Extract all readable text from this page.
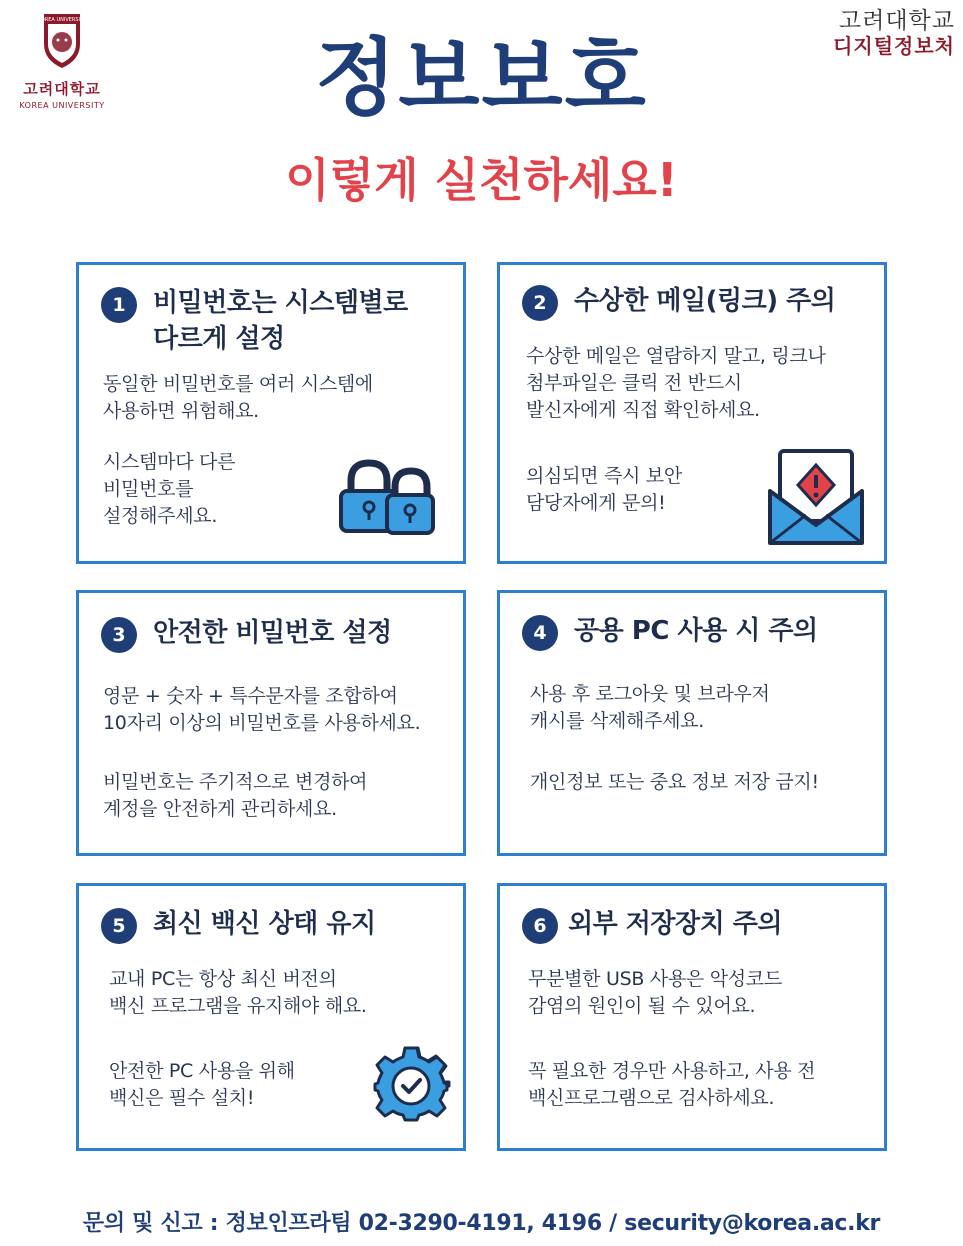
KOREA UNIVERSITY
고려대학교
KOREA UNIVERSITY
고려대학교
디지털정보처
정보보호
이렇게 실천하세요!
1	비밀번호는 시스템별로
다르게 설정
동일한 비밀번호를 여러 시스템에
사용하면 위험해요.
시스템마다 다른
비밀번호를
설정해주세요.
2	수상한 메일(링크) 주의
수상한 메일은 열람하지 말고, 링크나
첨부파일은 클릭 전 반드시
발신자에게 직접 확인하세요.
의심되면 즉시 보안
담당자에게 문의!
3	안전한 비밀번호 설정
영문 + 숫자 + 특수문자를 조합하여
10자리 이상의 비밀번호를 사용하세요.
비밀번호는 주기적으로 변경하여
계정을 안전하게 관리하세요.
4	공용 PC 사용 시 주의
사용 후 로그아웃 및 브라우저
캐시를 삭제해주세요.
개인정보 또는 중요 정보 저장 금지!
5	최신 백신 상태 유지
교내 PC는 항상 최신 버전의
백신 프로그램을 유지해야 해요.
안전한 PC 사용을 위해
백신은 필수 설치!
6 외부 저장장치 주의
무분별한 USB 사용은 악성코드
감염의 원인이 될 수 있어요.
꼭 필요한 경우만 사용하고, 사용 전
백신프로그램으로 검사하세요.
문의 및 신고 : 정보인프라팀 02-3290-4191, 4196 / security@korea.ac.kr
